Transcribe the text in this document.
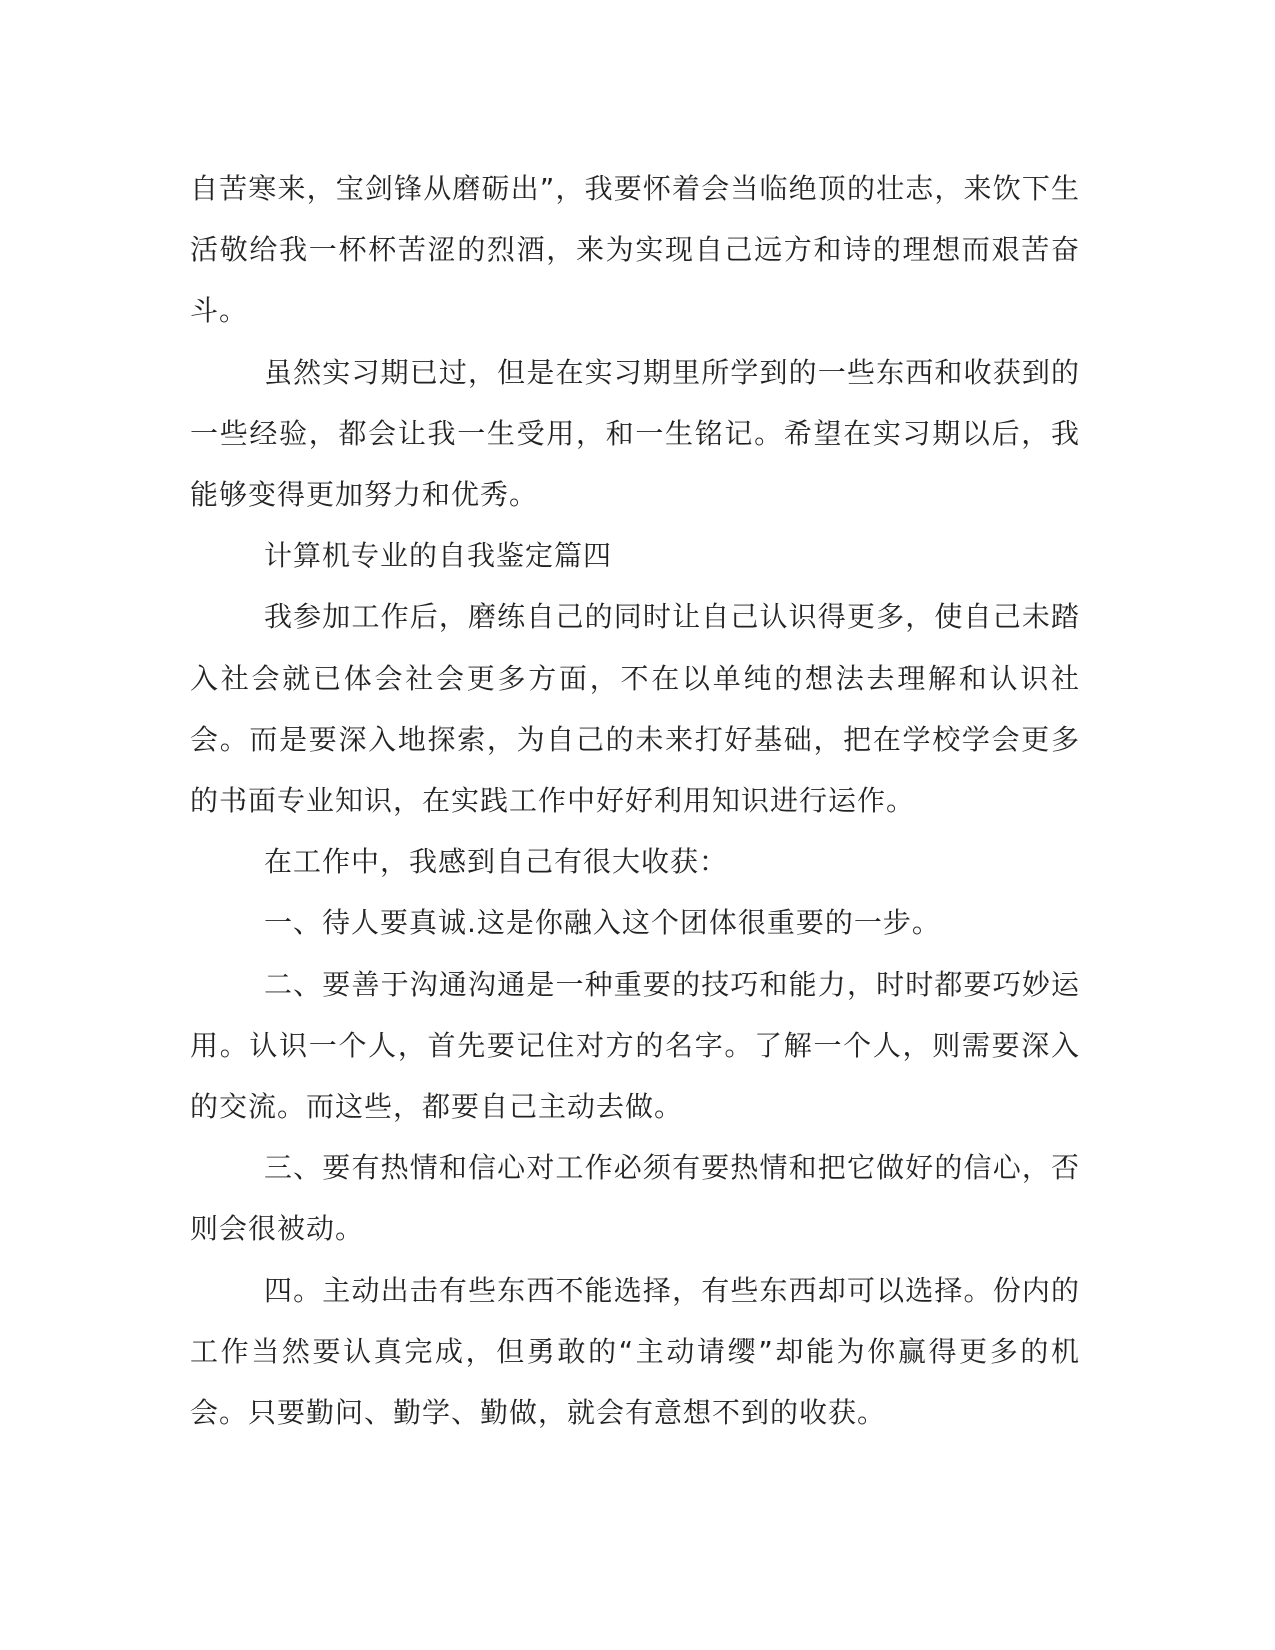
自苦寒来，宝剑锋从磨砺出”，我要怀着会当临绝顶的壮志，来饮下生活敬给我一杯杯苦涩的烈酒，来为实现自己远方和诗的理想而艰苦奋斗。

虽然实习期已过，但是在实习期里所学到的一些东西和收获到的一些经验，都会让我一生受用，和一生铭记。希望在实习期以后，我能够变得更加努力和优秀。

计算机专业的自我鉴定篇四

我参加工作后，磨练自己的同时让自己认识得更多，使自己未踏入社会就已体会社会更多方面，不在以单纯的想法去理解和认识社会。而是要深入地探索，为自己的未来打好基础，把在学校学会更多的书面专业知识，在实践工作中好好利用知识进行运作。

在工作中，我感到自己有很大收获：

一、待人要真诚.这是你融入这个团体很重要的一步。

二、要善于沟通沟通是一种重要的技巧和能力，时时都要巧妙运用。认识一个人，首先要记住对方的名字。了解一个人，则需要深入的交流。而这些，都要自己主动去做。

三、要有热情和信心对工作必须有要热情和把它做好的信心，否则会很被动。

四。主动出击有些东西不能选择，有些东西却可以选择。份内的工作当然要认真完成，但勇敢的“主动请缨”却能为你赢得更多的机会。只要勤问、勤学、勤做，就会有意想不到的收获。
